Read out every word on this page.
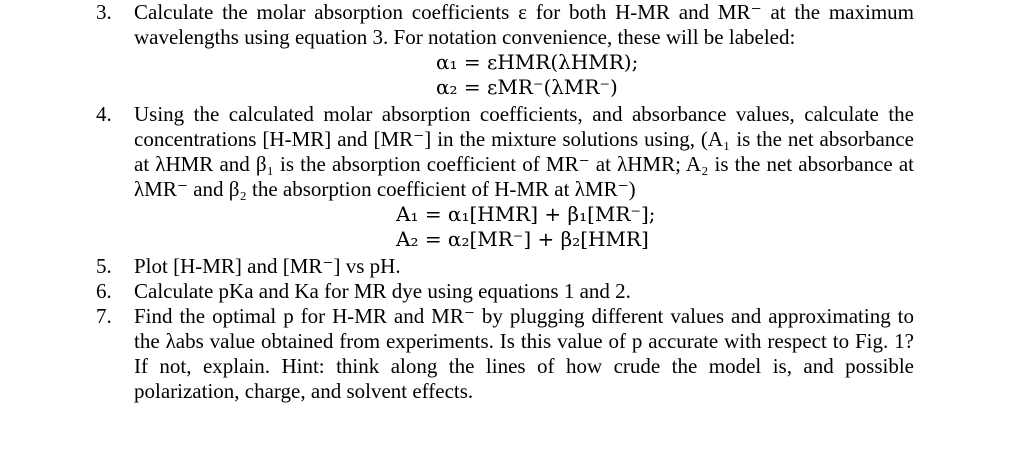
3.	Calculate the molar absorption coefficients ε for both H-MR and MR⁻ at the maximum
wavelengths using equation 3. For notation convenience, these will be labeled:
α₁ = εHMR(λHMR);
α₂ = εMR⁻(λMR⁻)
4.	Using the calculated molar absorption coefficients, and absorbance values, calculate the
concentrations [H-MR] and [MR⁻] in the mixture solutions using, (A₁ is the net absorbance
at λHMR and β₁ is the absorption coefficient of MR⁻ at λHMR; A₂ is the net absorbance at
λMR⁻ and β₂ the absorption coefficient of H-MR at λMR⁻)
A₁ = α₁[HMR] + β₁[MR⁻];
A₂ = α₂[MR⁻] + β₂[HMR]
5.	Plot [H-MR] and [MR⁻] vs pH.
6.	Calculate pKa and Ka for MR dye using equations 1 and 2.
7.	Find the optimal p for H-MR and MR⁻ by plugging different values and approximating to
the λabs value obtained from experiments. Is this value of p accurate with respect to Fig. 1?
If not, explain. Hint: think along the lines of how crude the model is, and possible
polarization, charge, and solvent effects.
